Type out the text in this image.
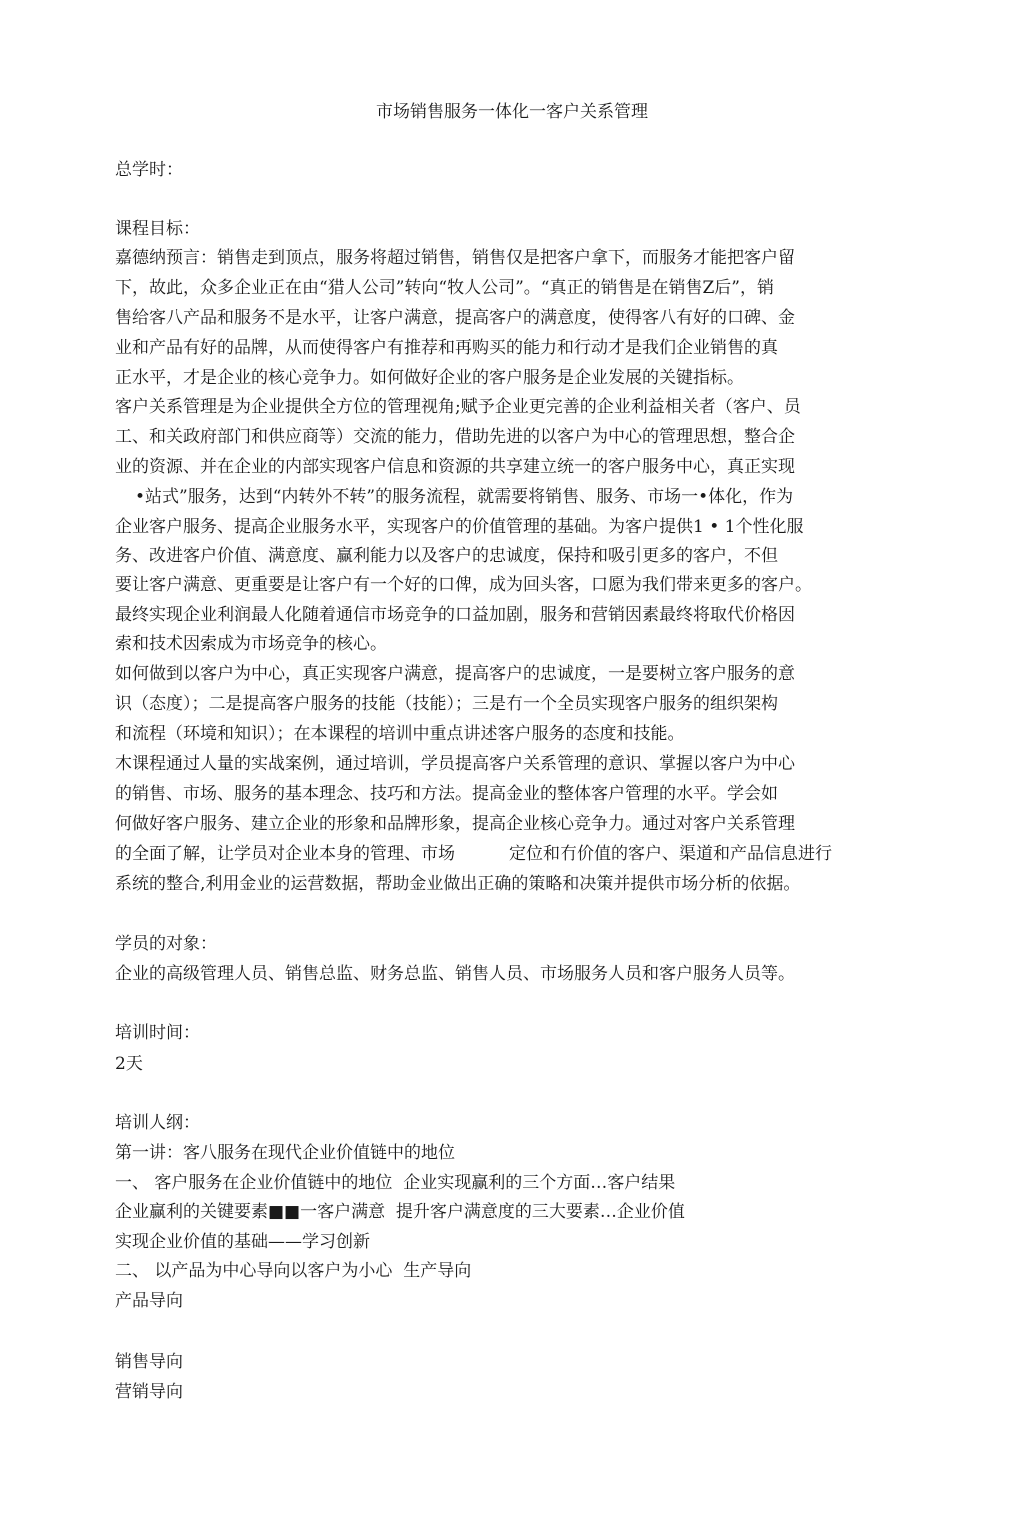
市场销售服务一体化一客户关系管理
总学时：
课程目标：
嘉德纳预言：销售走到顶点，服务将超过销售，销售仅是把客户拿下，而服务才能把客户留
下，故此，众多企业正在由“猎人公司”转向“牧人公司”。“真正的销售是在销售Z后”，销
售给客八产品和服务不是水平，让客户满意，提高客户的满意度，使得客八有好的口碑、金
业和产品有好的品牌，从而使得客户有推荐和再购买的能力和行动才是我们企业销售的真
正水平，才是企业的核心竞争力。如何做好企业的客户服务是企业发展的关键指标。
客户关系管理是为企业提供全方位的管理视角;赋予企业更完善的企业利益相关者（客户、员
工、和关政府部门和供应商等）交流的能力，借助先进的以客户为中心的管理思想，整合企
业的资源、并在企业的内部实现客户信息和资源的共享建立统一的客户服务中心，真正实现
•站式”服务，达到“内转外不转”的服务流程，就需要将销售、服务、市场一•体化，作为
企业客户服务、提高企业服务水平，实现客户的价值管理的基础。为客户提供1 • 1个性化服
务、改进客户价值、满意度、赢利能力以及客户的忠诚度，保持和吸引更多的客户，不但
要让客户满意、更重要是让客户有一个好的口俾，成为回头客，口愿为我们带来更多的客户。
最终实现企业利润最人化随着通信市场竞争的口益加剧，服务和营销因素最终将取代价格因
索和技术因索成为市场竞争的核心。
如何做到以客户为中心，真正实现客户满意，提高客户的忠诚度，一是要树立客户服务的意
识（态度）；二是提高客户服务的技能（技能）；三是冇一个全员实现客户服务的组织架构
和流程（环境和知识）；在本课程的培训中重点讲述客户服务的态度和技能。
木课程通过人量的实战案例，通过培训，学员提高客户关系管理的意识、掌握以客户为中心
的销售、市场、服务的基本理念、技巧和方法。提高金业的整体客户管理的水平。学会如
何做好客户服务、建立企业的形象和品牌形象，提高企业核心竞争力。通过对客户关系管理
的全面了解，让学员对企业本身的管理、市场          定位和冇价值的客户、渠道和产品信息进行
系统的整合,利用金业的运营数据，帮助金业做出正确的策略和决策并提供市场分析的依据。
学员的对象：
企业的高级管理人员、销售总监、财务总监、销售人员、市场服务人员和客户服务人员等。
培训时间：
2天
培训人纲：
第一讲：客八服务在现代企业价值链中的地位
一、 客户服务在企业价值链中的地位  企业实现赢利的三个方面…客户结果
企业赢利的关键要素■■一客户满意  提升客户满意度的三大要素…企业价值
实现企业价值的基础——学习创新
二、 以产品为中心导向以客户为小心  生产导向
产品导向
销售导向
营销导向
